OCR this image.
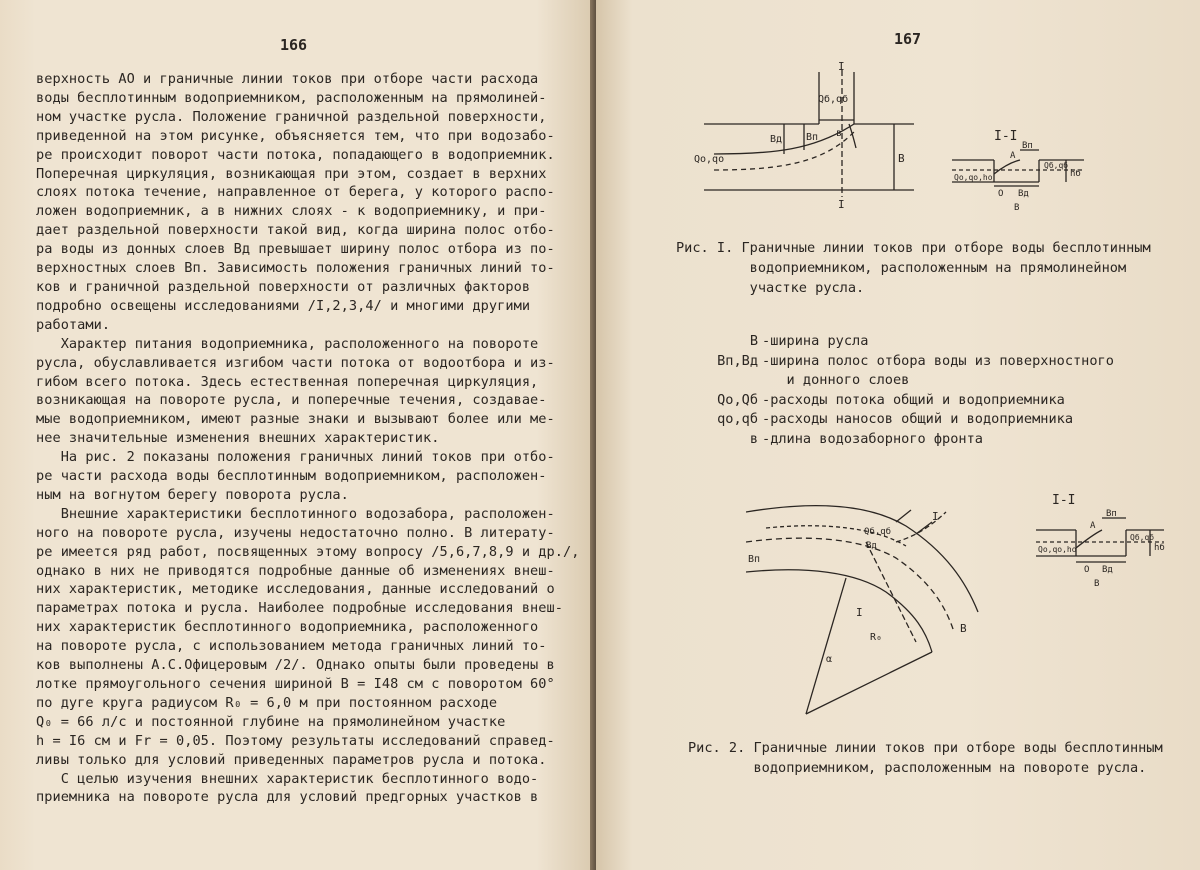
166

верхность АО и граничные линии токов при отборе части расхода

воды бесплотинным водоприемником, расположенным на прямолиней-

ном участке русла. Положение граничной раздельной поверхности,

приведенной на этом рисунке, объясняется тем, что при водозабо-

ре происходит поворот части потока, попадающего в водоприемник.

Поперечная циркуляция, возникающая при этом, создает в верхних

слоях потока течение, направленное от берега, у которого распо-

ложен водоприемник, а в нижних слоях - к водоприемнику, и при-

дает раздельной поверхности такой вид, когда ширина полос отбо-

ра воды из донных слоев Вд превышает ширину полос отбора из по-

верхностных слоев Вп. Зависимость положения граничных линий то-

ков и граничной раздельной поверхности от различных факторов

подробно освещены исследованиями /I,2,3,4/ и многими другими

работами.

Характер питания водоприемника, расположенного на повороте

русла, обуславливается изгибом части потока от водоотбора и из-

гибом всего потока. Здесь естественная поперечная циркуляция,

возникающая на повороте русла, и поперечные течения, создавае-

мые водоприемником, имеют разные знаки и вызывают более или ме-

нее значительные изменения внешних характеристик.

На рис. 2 показаны положения граничных линий токов при отбо-

ре части расхода воды бесплотинным водоприемником, расположен-

ным на вогнутом берегу поворота русла.

Внешние характеристики бесплотинного водозабора, расположен-

ного на повороте русла, изучены недостаточно полно. В литерату-

ре имеется ряд работ, посвященных этому вопросу /5,6,7,8,9 и др./,

однако в них не приводятся подробные данные об изменениях внеш-

них характеристик, методике исследования, данные исследований о

параметрах потока и русла. Наиболее подробные исследования внеш-

них характеристик бесплотинного водоприемника, расположенного

на повороте русла, с использованием метода граничных линий то-

ков выполнены А.С.Офицеровым /2/. Однако опыты были проведены в

лотке прямоугольного сечения шириной В = I48 см с поворотом 60°

по дуге круга радиусом R₀ = 6,0 м при постоянном расходе

Q₀ = 66 л/с и постоянной глубине на прямолинейном участке

h = I6 см и Fr = 0,05. Поэтому результаты исследований справед-

ливы только для условий приведенных параметров русла и потока.

С целью изучения внешних характеристик бесплотинного водо-

приемника на повороте русла для условий предгорных участков в

167
I
I
Qб,qб
Qо,qо
Вд Вп в
В
I-I
Вп
А
Qо,qо,hо
Qб,qб
hб
О Вд
В
Рис. I. Граничные линии токов при отборе воды бесплотинным
водоприемником, расположенным на прямолинейном
участке русла.
В - ширина русла
Вп,Вд - ширина полос отбора воды из поверхностного
и донного слоев
Qо,Qб - расходы потока общий и водоприемника
qо,qб - расходы наносов общий и водоприемника
в - длина водозаборного фронта
I-I
Вп
А
Qо,qо,hо
Qб,qб
hб
О Вд
В
I
I
Qб,qб
Вп
Вд
R₀
α
В
Рис. 2. Граничные линии токов при отборе воды бесплотинным
водоприемником, расположенным на повороте русла.
